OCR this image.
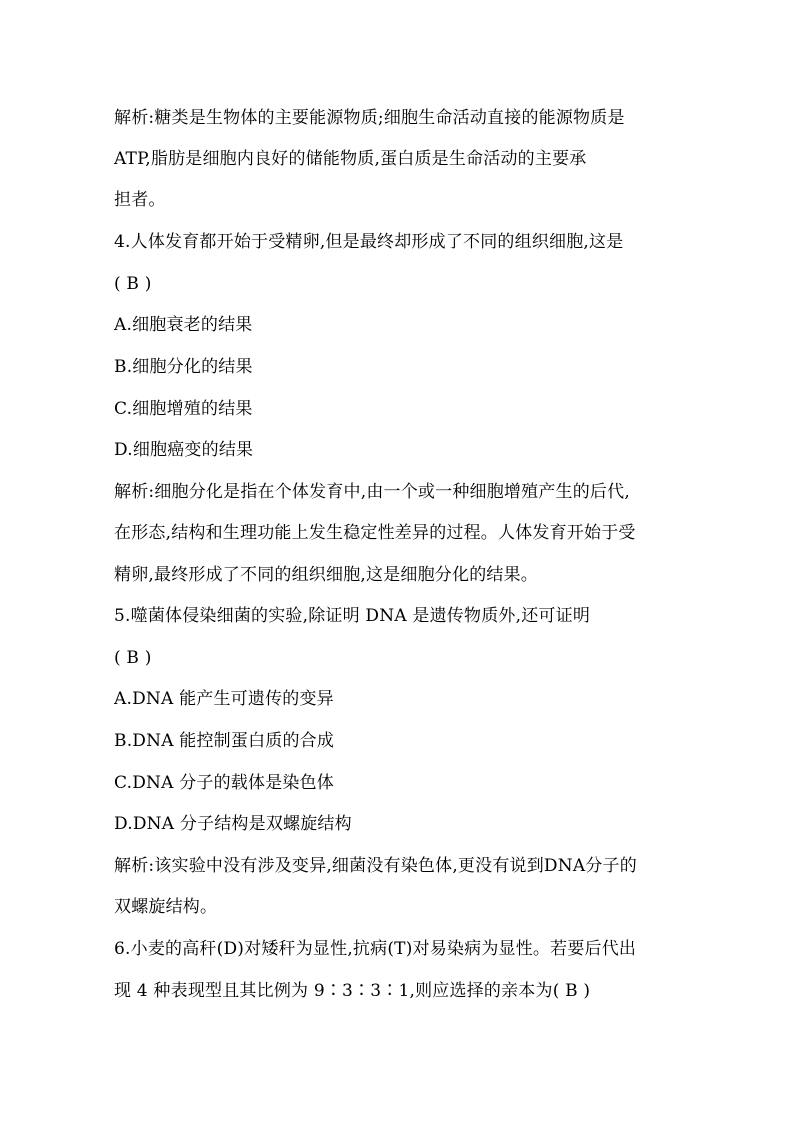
解析:糖类是生物体的主要能源物质;细胞生命活动直接的能源物质是
ATP,脂肪是细胞内良好的储能物质,蛋白质是生命活动的主要承
担者。
4.人体发育都开始于受精卵,但是最终却形成了不同的组织细胞,这是
( B )
A.细胞衰老的结果
B.细胞分化的结果
C.细胞增殖的结果
D.细胞癌变的结果
解析:细胞分化是指在个体发育中,由一个或一种细胞增殖产生的后代,
在形态,结构和生理功能上发生稳定性差异的过程。人体发育开始于受
精卵,最终形成了不同的组织细胞,这是细胞分化的结果。
5.噬菌体侵染细菌的实验,除证明 DNA 是遗传物质外,还可证明
( B )
A.DNA 能产生可遗传的变异
B.DNA 能控制蛋白质的合成
C.DNA 分子的载体是染色体
D.DNA 分子结构是双螺旋结构
解析:该实验中没有涉及变异,细菌没有染色体,更没有说到DNA分子的
双螺旋结构。
6.小麦的高秆(D)对矮秆为显性,抗病(T)对易染病为显性。若要后代出
现 4 种表现型且其比例为 9∶3∶3∶1,则应选择的亲本为( B )
